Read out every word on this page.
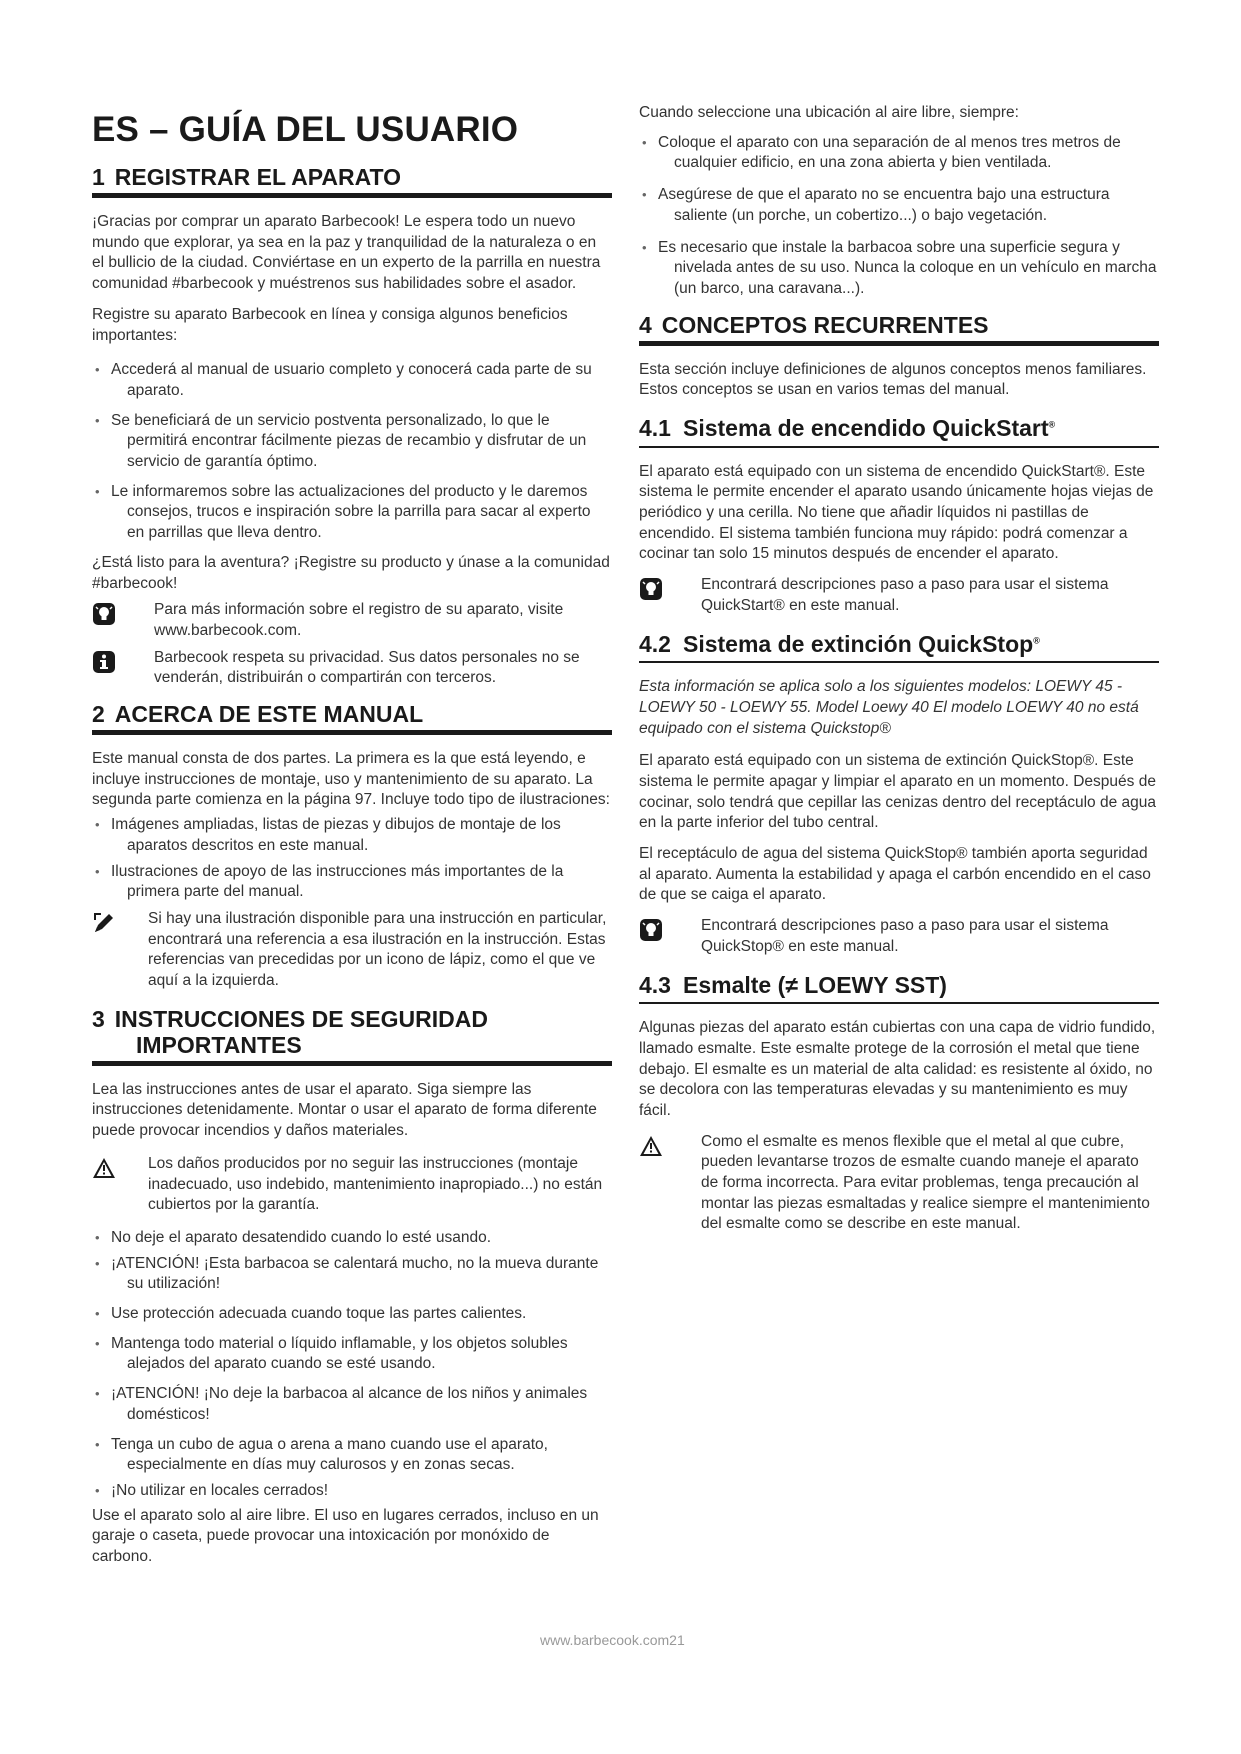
ES – GUÍA DEL USUARIO
1 REGISTRAR EL APARATO

¡Gracias por comprar un aparato Barbecook! Le espera todo un nuevo mundo que explorar, ya sea en la paz y tranquilidad de la naturaleza o en el bullicio de la ciudad. Conviértase en un experto de la parrilla en nuestra comunidad #barbecook y muéstrenos sus habilidades sobre el asador.

Registre su aparato Barbecook en línea y consiga algunos beneficios importantes:

• Accederá al manual de usuario completo y conocerá cada parte de su aparato.
• Se beneficiará de un servicio postventa personalizado, lo que le permitirá encontrar fácilmente piezas de recambio y disfrutar de un servicio de garantía óptimo.
• Le informaremos sobre las actualizaciones del producto y le daremos consejos, trucos e inspiración sobre la parrilla para sacar al experto en parrillas que lleva dentro.

¿Está listo para la aventura? ¡Registre su producto y únase a la comunidad #barbecook!

Para más información sobre el registro de su aparato, visite www.barbecook.com.
Barbecook respeta su privacidad. Sus datos personales no se venderán, distribuirán o compartirán con terceros.
2 ACERCA DE ESTE MANUAL

Este manual consta de dos partes. La primera es la que está leyendo, e incluye instrucciones de montaje, uso y mantenimiento de su aparato. La segunda parte comienza en la página 97. Incluye todo tipo de ilustraciones:

• Imágenes ampliadas, listas de piezas y dibujos de montaje de los aparatos descritos en este manual.
• Ilustraciones de apoyo de las instrucciones más importantes de la primera parte del manual.
Si hay una ilustración disponible para una instrucción en particular, encontrará una referencia a esa ilustración en la instrucción. Estas referencias van precedidas por un icono de lápiz, como el que ve aquí a la izquierda.
3 INSTRUCCIONES DE SEGURIDAD
IMPORTANTES

Lea las instrucciones antes de usar el aparato. Siga siempre las instrucciones detenidamente. Montar o usar el aparato de forma diferente puede provocar incendios y daños materiales.

Los daños producidos por no seguir las instrucciones (montaje inadecuado, uso indebido, mantenimiento inapropiado...) no están cubiertos por la garantía.
• No deje el aparato desatendido cuando lo esté usando.
• ¡ATENCIÓN! ¡Esta barbacoa se calentará mucho, no la mueva durante su utilización!
• Use protección adecuada cuando toque las partes calientes.
• Mantenga todo material o líquido inflamable, y los objetos solubles alejados del aparato cuando se esté usando.
• ¡ATENCIÓN! ¡No deje la barbacoa al alcance de los niños y animales domésticos!
• Tenga un cubo de agua o arena a mano cuando use el aparato, especialmente en días muy calurosos y en zonas secas.
• ¡No utilizar en locales cerrados!

Use el aparato solo al aire libre. El uso en lugares cerrados, incluso en un garaje o caseta, puede provocar una intoxicación por monóxido de carbono.

Cuando seleccione una ubicación al aire libre, siempre:

• Coloque el aparato con una separación de al menos tres metros de cualquier edificio, en una zona abierta y bien ventilada.
• Asegúrese de que el aparato no se encuentra bajo una estructura saliente (un porche, un cobertizo...) o bajo vegetación.
• Es necesario que instale la barbacoa sobre una superficie segura y nivelada antes de su uso. Nunca la coloque en un vehículo en marcha (un barco, una caravana...).
4 CONCEPTOS RECURRENTES

Esta sección incluye definiciones de algunos conceptos menos familiares. Estos conceptos se usan en varios temas del manual.

4.1 Sistema de encendido QuickStart®

El aparato está equipado con un sistema de encendido QuickStart®. Este sistema le permite encender el aparato usando únicamente hojas viejas de periódico y una cerilla. No tiene que añadir líquidos ni pastillas de encendido. El sistema también funciona muy rápido: podrá comenzar a cocinar tan solo 15 minutos después de encender el aparato.

Encontrará descripciones paso a paso para usar el sistema QuickStart® en este manual.
4.2 Sistema de extinción QuickStop®

Esta información se aplica solo a los siguientes modelos: LOEWY 45 - LOEWY 50 - LOEWY 55. Model Loewy 40 El modelo LOEWY 40 no está equipado con el sistema Quickstop®

El aparato está equipado con un sistema de extinción QuickStop®. Este sistema le permite apagar y limpiar el aparato en un momento. Después de cocinar, solo tendrá que cepillar las cenizas dentro del receptáculo de agua en la parte inferior del tubo central.

El receptáculo de agua del sistema QuickStop® también aporta seguridad al aparato. Aumenta la estabilidad y apaga el carbón encendido en el caso de que se caiga el aparato.

Encontrará descripciones paso a paso para usar el sistema QuickStop® en este manual.
4.3 Esmalte (≠ LOEWY SST)

Algunas piezas del aparato están cubiertas con una capa de vidrio fundido, llamado esmalte. Este esmalte protege de la corrosión el metal que tiene debajo. El esmalte es un material de alta calidad: es resistente al óxido, no se decolora con las temperaturas elevadas y su mantenimiento es muy fácil.

Como el esmalte es menos flexible que el metal al que cubre, pueden levantarse trozos de esmalte cuando maneje el aparato de forma incorrecta. Para evitar problemas, tenga precaución al montar las piezas esmaltadas y realice siempre el mantenimiento del esmalte como se describe en este manual.
www.barbecook.com21
